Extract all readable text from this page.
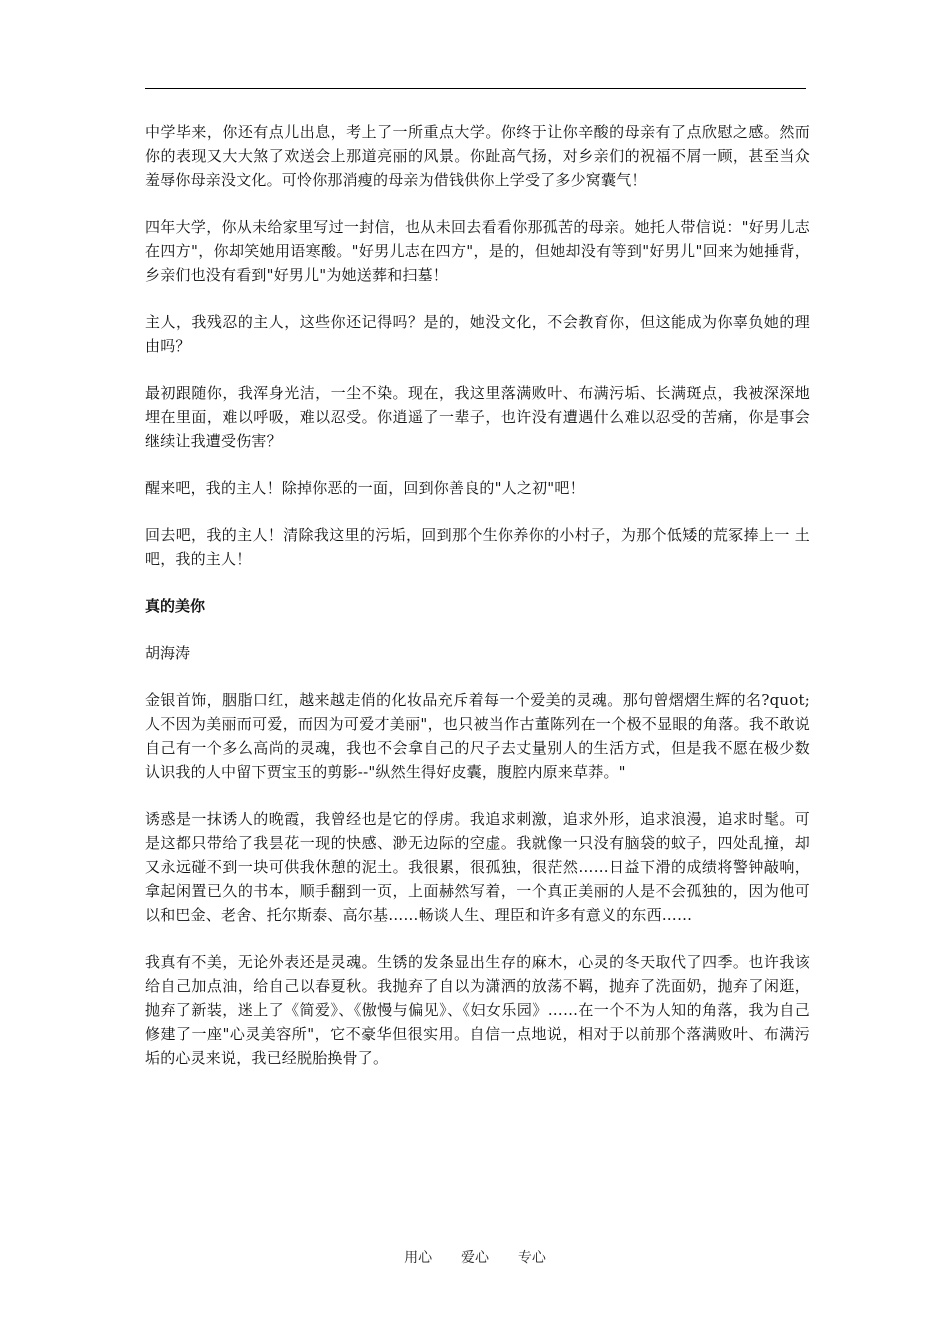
中学毕来，你还有点儿出息，考上了一所重点大学。你终于让你辛酸的母亲有了点欣慰之感。然而你的表现又大大煞了欢送会上那道亮丽的风景。你趾高气扬，对乡亲们的祝福不屑一顾，甚至当众羞辱你母亲没文化。可怜你那消瘦的母亲为借钱供你上学受了多少窝囊气！

四年大学，你从未给家里写过一封信，也从未回去看看你那孤苦的母亲。她托人带信说："好男儿志在四方"，你却笑她用语寒酸。"好男儿志在四方"，是的，但她却没有等到"好男儿"回来为她捶背，乡亲们也没有看到"好男儿"为她送葬和扫墓！

主人，我残忍的主人，这些你还记得吗？是的，她没文化，不会教育你，但这能成为你辜负她的理由吗？

最初跟随你，我浑身光洁，一尘不染。现在，我这里落满败叶、布满污垢、长满斑点，我被深深地埋在里面，难以呼吸，难以忍受。你逍遥了一辈子，也许没有遭遇什么难以忍受的苦痛，你是事会继续让我遭受伤害？

醒来吧，我的主人！除掉你恶的一面，回到你善良的"人之初"吧！

回去吧，我的主人！清除我这里的污垢，回到那个生你养你的小村子，为那个低矮的荒冢捧上一 土吧，我的主人！

真的美你

胡海涛

金银首饰，胭脂口红，越来越走俏的化妆品充斥着每一个爱美的灵魂。那句曾熠熠生辉的名?quot;人不因为美丽而可爱，而因为可爱才美丽"，也只被当作古董陈列在一个极不显眼的角落。我不敢说自己有一个多么高尚的灵魂，我也不会拿自己的尺子去丈量别人的生活方式，但是我不愿在极少数认识我的人中留下贾宝玉的剪影--"纵然生得好皮囊，腹腔内原来草莽。"

诱惑是一抹诱人的晚霞，我曾经也是它的俘虏。我追求刺激，追求外形，追求浪漫，追求时髦。可是这都只带给了我昙花一现的快感、渺无边际的空虚。我就像一只没有脑袋的蚊子，四处乱撞，却又永远碰不到一块可供我休憩的泥土。我很累，很孤独，很茫然……日益下滑的成绩将警钟敲响，拿起闲置已久的书本，顺手翻到一页，上面赫然写着，一个真正美丽的人是不会孤独的，因为他可以和巴金、老舍、托尔斯泰、高尔基……畅谈人生、理臣和许多有意义的东西……

我真有不美，无论外表还是灵魂。生锈的发条显出生存的麻木，心灵的冬天取代了四季。也许我该给自己加点油，给自己以春夏秋。我抛弃了自以为潇洒的放荡不羁，抛弃了洗面奶，抛弃了闲逛，抛弃了新装，迷上了《简爱》、《傲慢与偏见》、《妇女乐园》……在一个不为人知的角落，我为自己修建了一座"心灵美容所"，它不豪华但很实用。自信一点地说，相对于以前那个落满败叶、布满污垢的心灵来说，我已经脱胎换骨了。

用心  爱心  专心
